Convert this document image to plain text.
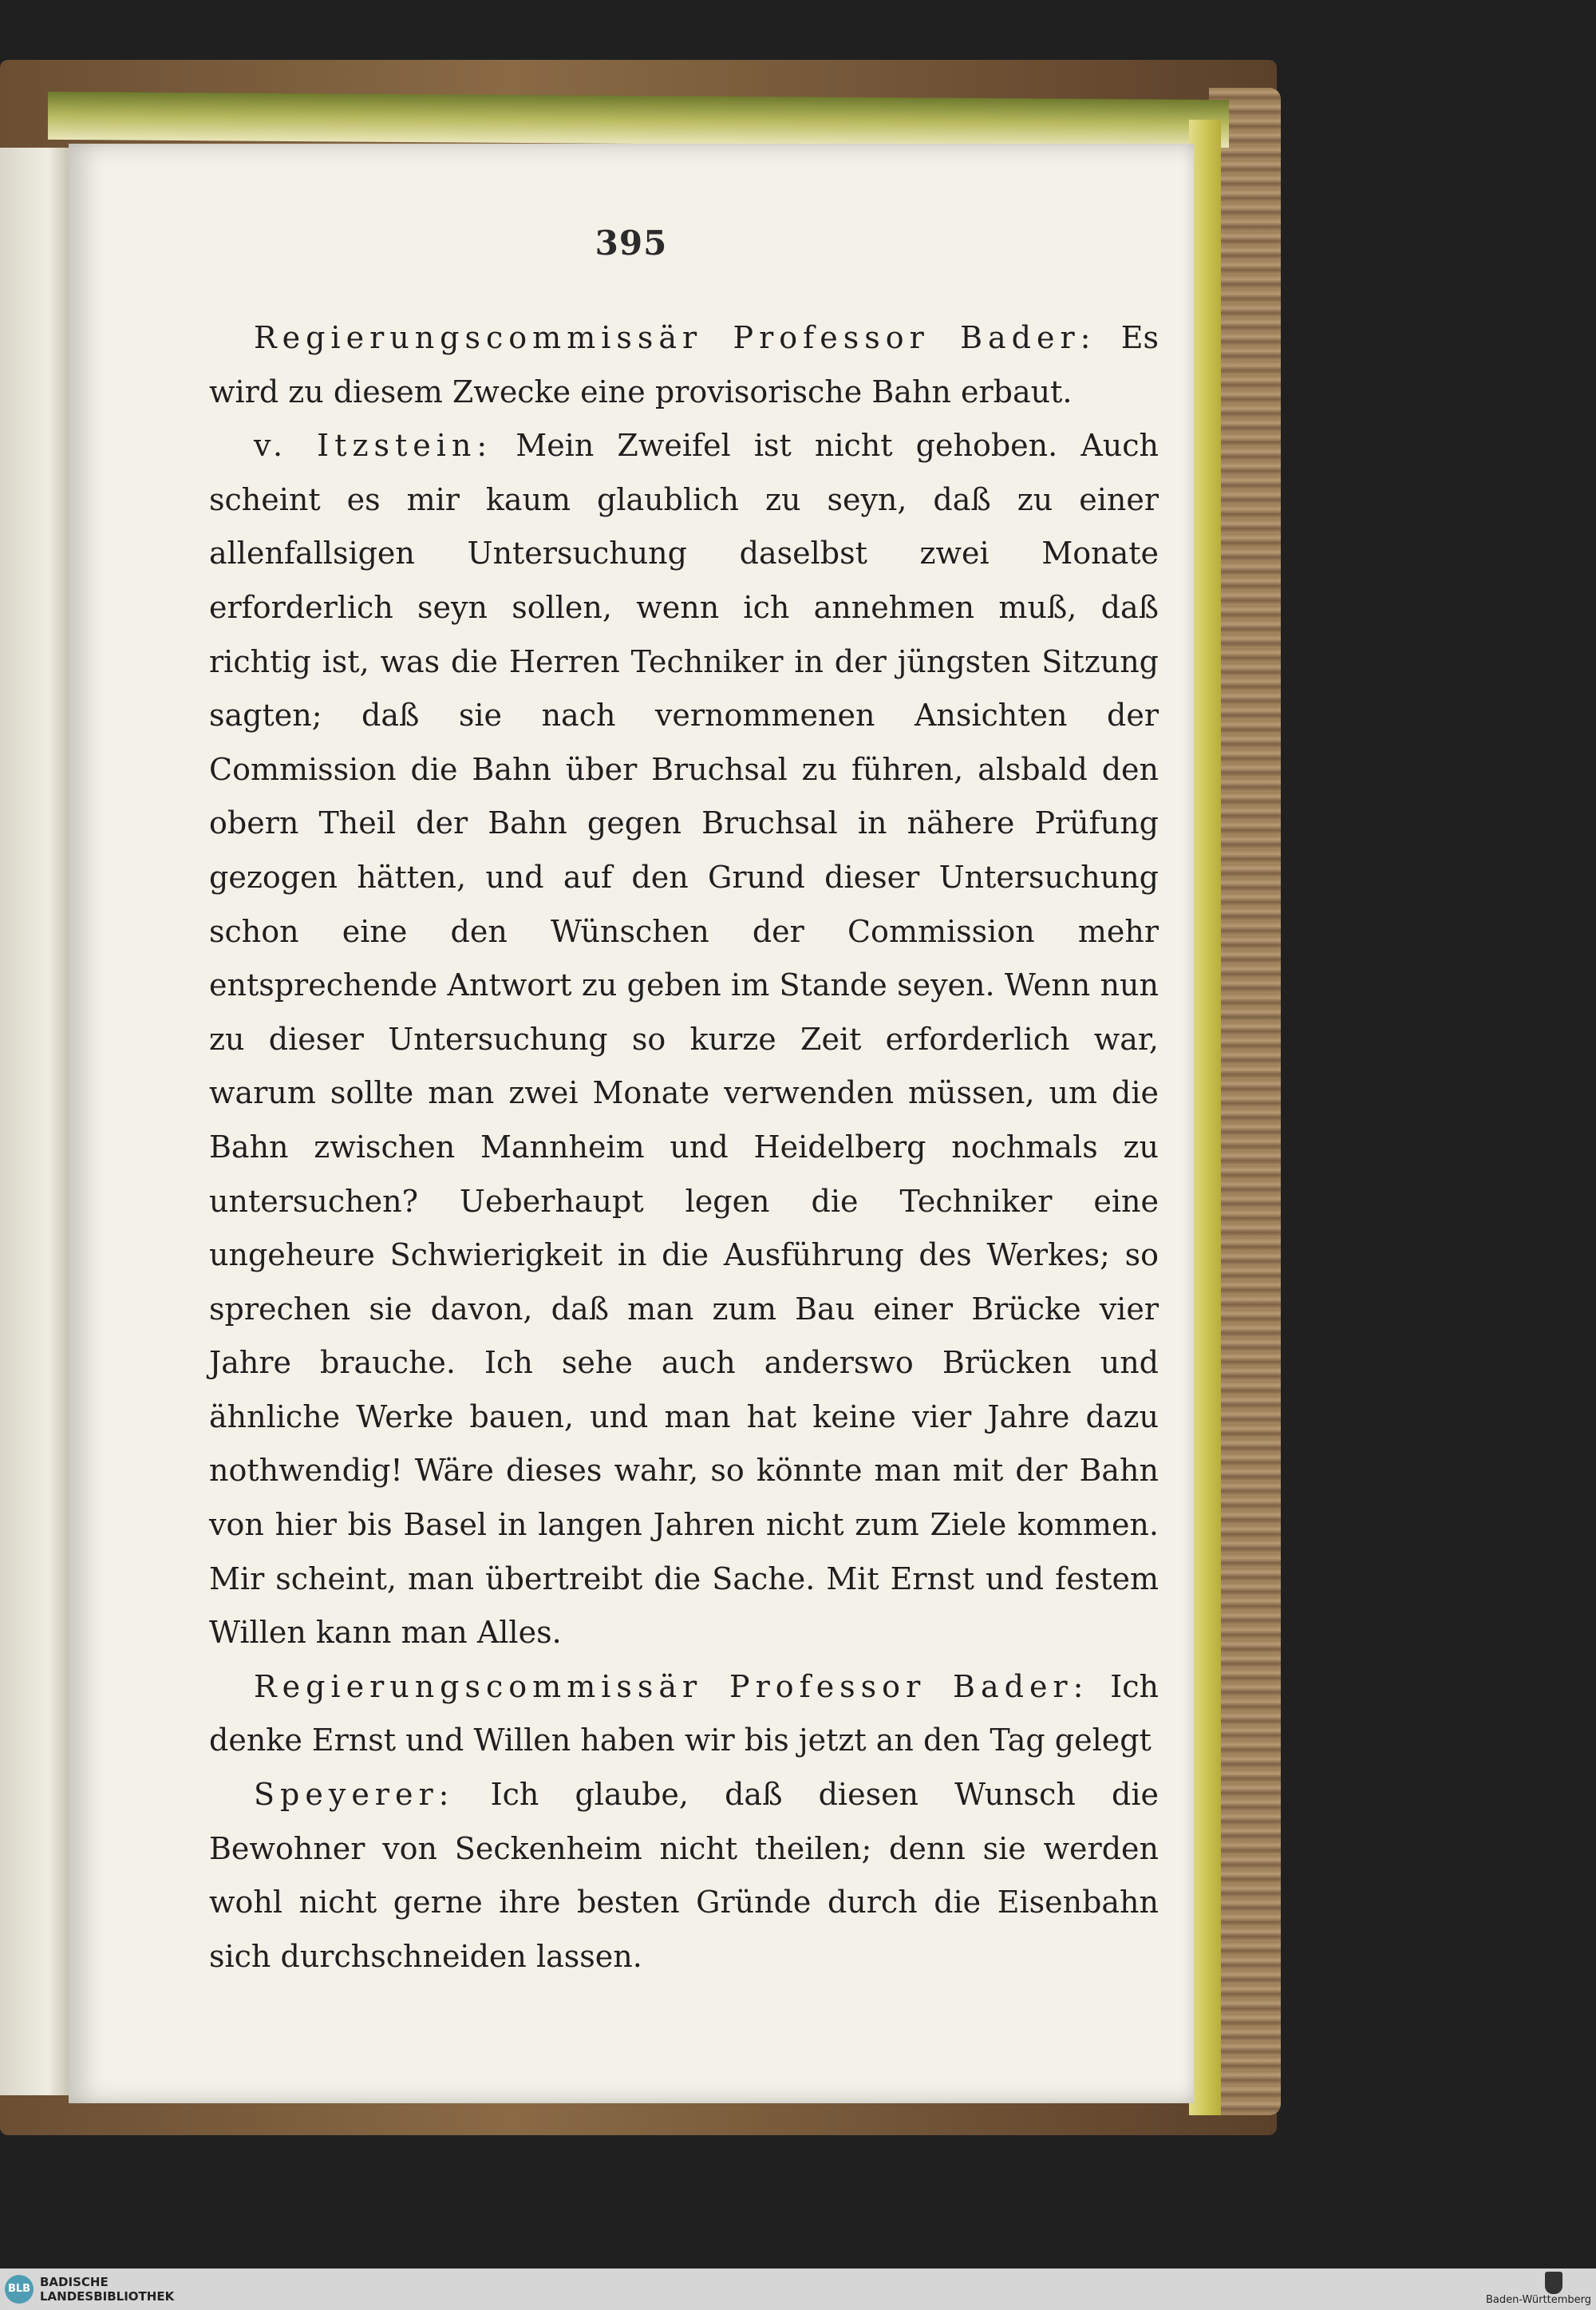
395

Regierungscommissär Professor Bader: Es wird zu diesem Zwecke eine provisorische Bahn erbaut.

v. Itzstein: Mein Zweifel ist nicht gehoben. Auch scheint es mir kaum glaublich zu seyn, daß zu einer allenfallsigen Untersuchung daselbst zwei Monate erforderlich seyn sollen, wenn ich annehmen muß, daß richtig ist, was die Herren Techniker in der jüngsten Sitzung sagten; daß sie nach vernommenen Ansichten der Commission die Bahn über Bruchsal zu führen, alsbald den obern Theil der Bahn gegen Bruchsal in nähere Prüfung gezogen hätten, und auf den Grund dieser Untersuchung schon eine den Wünschen der Commission mehr entsprechende Antwort zu geben im Stande seyen. Wenn nun zu dieser Untersuchung so kurze Zeit erforderlich war, warum sollte man zwei Monate verwenden müssen, um die Bahn zwischen Mannheim und Heidelberg nochmals zu untersuchen? Ueberhaupt legen die Techniker eine ungeheure Schwierigkeit in die Ausführung des Werkes; so sprechen sie davon, daß man zum Bau einer Brücke vier Jahre brauche. Ich sehe auch anderswo Brücken und ähnliche Werke bauen, und man hat keine vier Jahre dazu nothwendig! Wäre dieses wahr, so könnte man mit der Bahn von hier bis Basel in langen Jahren nicht zum Ziele kommen. Mir scheint, man übertreibt die Sache. Mit Ernst und festem Willen kann man Alles.

Regierungscommissär Professor Bader: Ich denke Ernst und Willen haben wir bis jetzt an den Tag gelegt

Speyerer: Ich glaube, daß diesen Wunsch die Bewohner von Seckenheim nicht theilen; denn sie werden wohl nicht gerne ihre besten Gründe durch die Eisenbahn sich durchschneiden lassen.

BLB BADISCHE
LANDESBIBLIOTHEK	Baden-Württemberg
